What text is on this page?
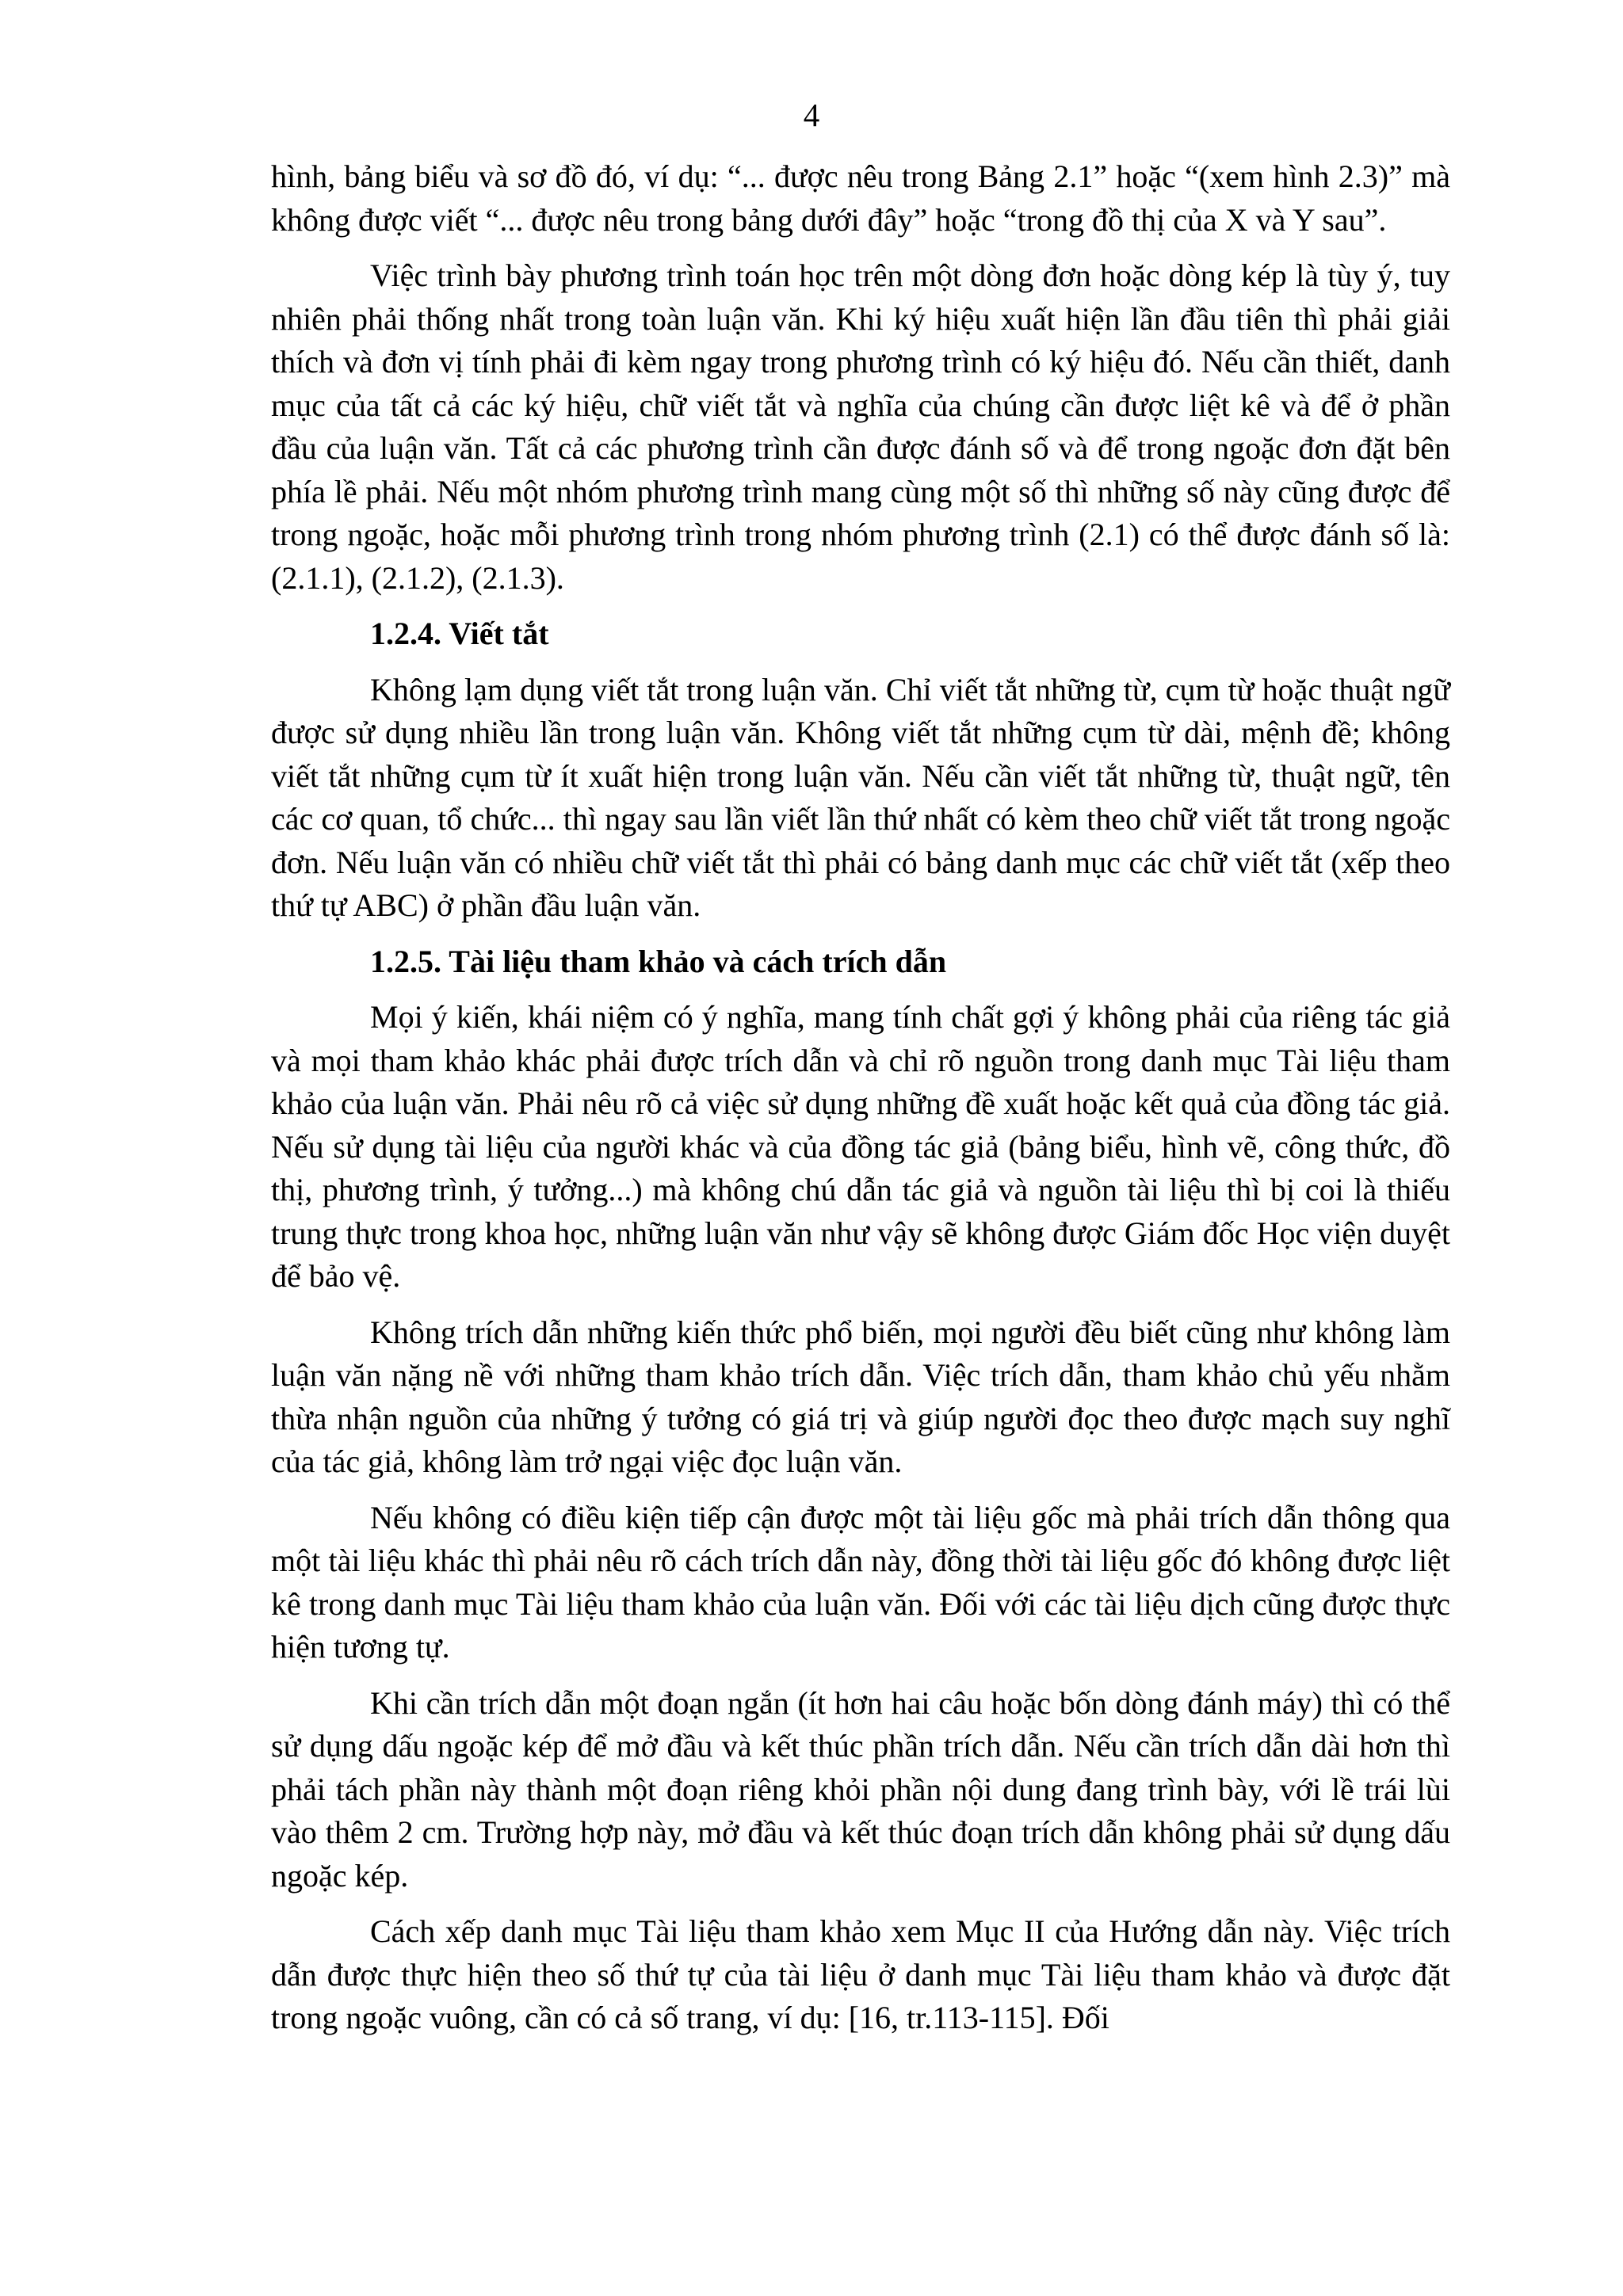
4

hình, bảng biểu và sơ đồ đó, ví dụ: “... được nêu trong Bảng 2.1” hoặc “(xem hình 2.3)” mà không được viết “... được nêu trong bảng dưới đây” hoặc “trong đồ thị của X và Y sau”.

Việc trình bày phương trình toán học trên một dòng đơn hoặc dòng kép là tùy ý, tuy nhiên phải thống nhất trong toàn luận văn. Khi ký hiệu xuất hiện lần đầu tiên thì phải giải thích và đơn vị tính phải đi kèm ngay trong phương trình có ký hiệu đó. Nếu cần thiết, danh mục của tất cả các ký hiệu, chữ viết tắt và nghĩa của chúng cần được liệt kê và để ở phần đầu của luận văn. Tất cả các phương trình cần được đánh số và để trong ngoặc đơn đặt bên phía lề phải. Nếu một nhóm phương trình mang cùng một số thì những số này cũng được để trong ngoặc, hoặc mỗi phương trình trong nhóm phương trình (2.1) có thể được đánh số là: (2.1.1), (2.1.2), (2.1.3).

1.2.4. Viết tắt

Không lạm dụng viết tắt trong luận văn. Chỉ viết tắt những từ, cụm từ hoặc thuật ngữ được sử dụng nhiều lần trong luận văn. Không viết tắt những cụm từ dài, mệnh đề; không viết tắt những cụm từ ít xuất hiện trong luận văn. Nếu cần viết tắt những từ, thuật ngữ, tên các cơ quan, tổ chức... thì ngay sau lần viết lần thứ nhất có kèm theo chữ viết tắt trong ngoặc đơn. Nếu luận văn có nhiều chữ viết tắt thì phải có bảng danh mục các chữ viết tắt (xếp theo thứ tự ABC) ở phần đầu luận văn.

1.2.5. Tài liệu tham khảo và cách trích dẫn

Mọi ý kiến, khái niệm có ý nghĩa, mang tính chất gợi ý không phải của riêng tác giả và mọi tham khảo khác phải được trích dẫn và chỉ rõ nguồn trong danh mục Tài liệu tham khảo của luận văn. Phải nêu rõ cả việc sử dụng những đề xuất hoặc kết quả của đồng tác giả. Nếu sử dụng tài liệu của người khác và của đồng tác giả (bảng biểu, hình vẽ, công thức, đồ thị, phương trình, ý tưởng...) mà không chú dẫn tác giả và nguồn tài liệu thì bị coi là thiếu trung thực trong khoa học, những luận văn như vậy sẽ không được Giám đốc Học viện duyệt để bảo vệ.

Không trích dẫn những kiến thức phổ biến, mọi người đều biết cũng như không làm luận văn nặng nề với những tham khảo trích dẫn. Việc trích dẫn, tham khảo chủ yếu nhằm thừa nhận nguồn của những ý tưởng có giá trị và giúp người đọc theo được mạch suy nghĩ của tác giả, không làm trở ngại việc đọc luận văn.

Nếu không có điều kiện tiếp cận được một tài liệu gốc mà phải trích dẫn thông qua một tài liệu khác thì phải nêu rõ cách trích dẫn này, đồng thời tài liệu gốc đó không được liệt kê trong danh mục Tài liệu tham khảo của luận văn. Đối với các tài liệu dịch cũng được thực hiện tương tự.

Khi cần trích dẫn một đoạn ngắn (ít hơn hai câu hoặc bốn dòng đánh máy) thì có thể sử dụng dấu ngoặc kép để mở đầu và kết thúc phần trích dẫn. Nếu cần trích dẫn dài hơn thì phải tách phần này thành một đoạn riêng khỏi phần nội dung đang trình bày, với lề trái lùi vào thêm 2 cm. Trường hợp này, mở đầu và kết thúc đoạn trích dẫn không phải sử dụng dấu ngoặc kép.

Cách xếp danh mục Tài liệu tham khảo xem Mục II của Hướng dẫn này. Việc trích dẫn được thực hiện theo số thứ tự của tài liệu ở danh mục Tài liệu tham khảo và được đặt trong ngoặc vuông, cần có cả số trang, ví dụ: [16, tr.113-115]. Đối
